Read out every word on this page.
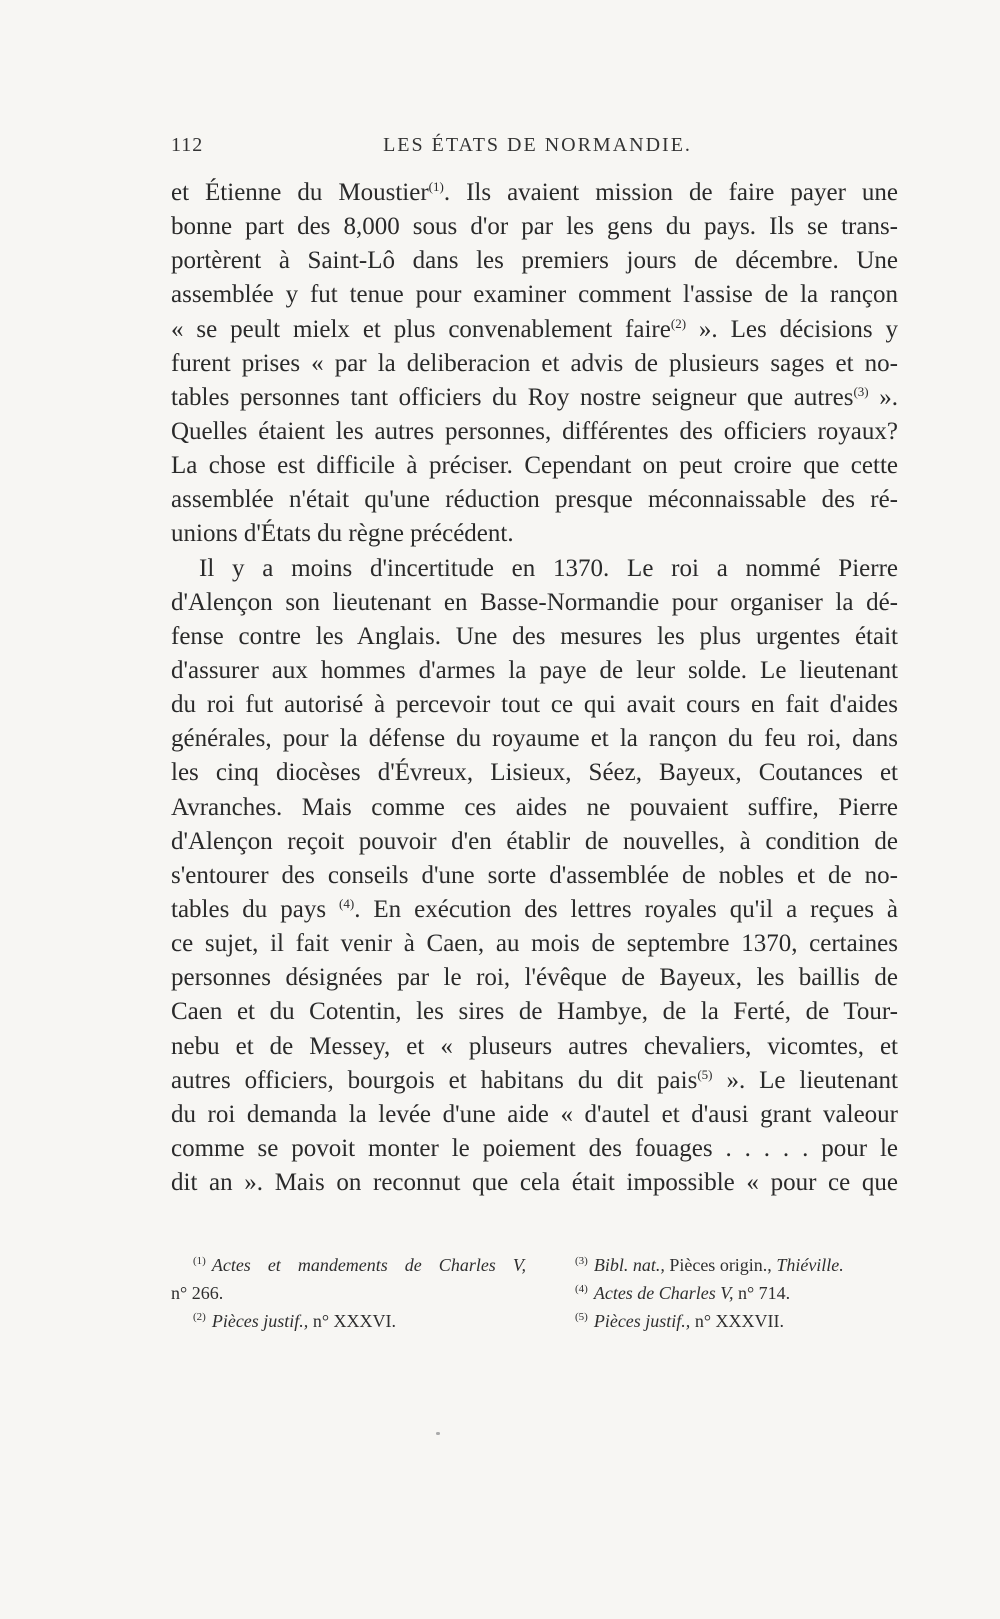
112	LES ÉTATS DE NORMANDIE.
et Étienne du Moustier$^{(1)}$. Ils avaient mission de faire payer une
bonne part des 8,000 sous d'or par les gens du pays. Ils se trans-
portèrent à Saint-Lô dans les premiers jours de décembre. Une
assemblée y fut tenue pour examiner comment l'assise de la rançon
« se peult mielx et plus convenablement faire$^{(2)}$ ». Les décisions y
furent prises « par la deliberacion et advis de plusieurs sages et no-
tables personnes tant officiers du Roy nostre seigneur que autres$^{(3)}$ ».
Quelles étaient les autres personnes, différentes des officiers royaux?
La chose est difficile à préciser. Cependant on peut croire que cette
assemblée n'était qu'une réduction presque méconnaissable des ré-
unions d'États du règne précédent.
Il y a moins d'incertitude en 1370. Le roi a nommé Pierre
d'Alençon son lieutenant en Basse-Normandie pour organiser la dé-
fense contre les Anglais. Une des mesures les plus urgentes était
d'assurer aux hommes d'armes la paye de leur solde. Le lieutenant
du roi fut autorisé à percevoir tout ce qui avait cours en fait d'aides
générales, pour la défense du royaume et la rançon du feu roi, dans
les cinq diocèses d'Évreux, Lisieux, Séez, Bayeux, Coutances et
Avranches. Mais comme ces aides ne pouvaient suffire, Pierre
d'Alençon reçoit pouvoir d'en établir de nouvelles, à condition de
s'entourer des conseils d'une sorte d'assemblée de nobles et de no-
tables du pays $^{(4)}$. En exécution des lettres royales qu'il a reçues à
ce sujet, il fait venir à Caen, au mois de septembre 1370, certaines
personnes désignées par le roi, l'évêque de Bayeux, les baillis de
Caen et du Cotentin, les sires de Hambye, de la Ferté, de Tour-
nebu et de Messey, et « pluseurs autres chevaliers, vicomtes, et
autres officiers, bourgois et habitans du dit pais$^{(5)}$ ». Le lieutenant
du roi demanda la levée d'une aide « d'autel et d'ausi grant valeour
comme se povoit monter le poiement des fouages . . . . . pour le
dit an ». Mais on reconnut que cela était impossible « pour ce que
$^{(1)}$ Actes et mandements de Charles V,
n° 266.
$^{(2)}$ Pièces justif., n° XXXVI.
$^{(3)}$ Bibl. nat., Pièces origin., Thiéville.
$^{(4)}$ Actes de Charles V, n° 714.
$^{(5)}$ Pièces justif., n° XXXVII.
